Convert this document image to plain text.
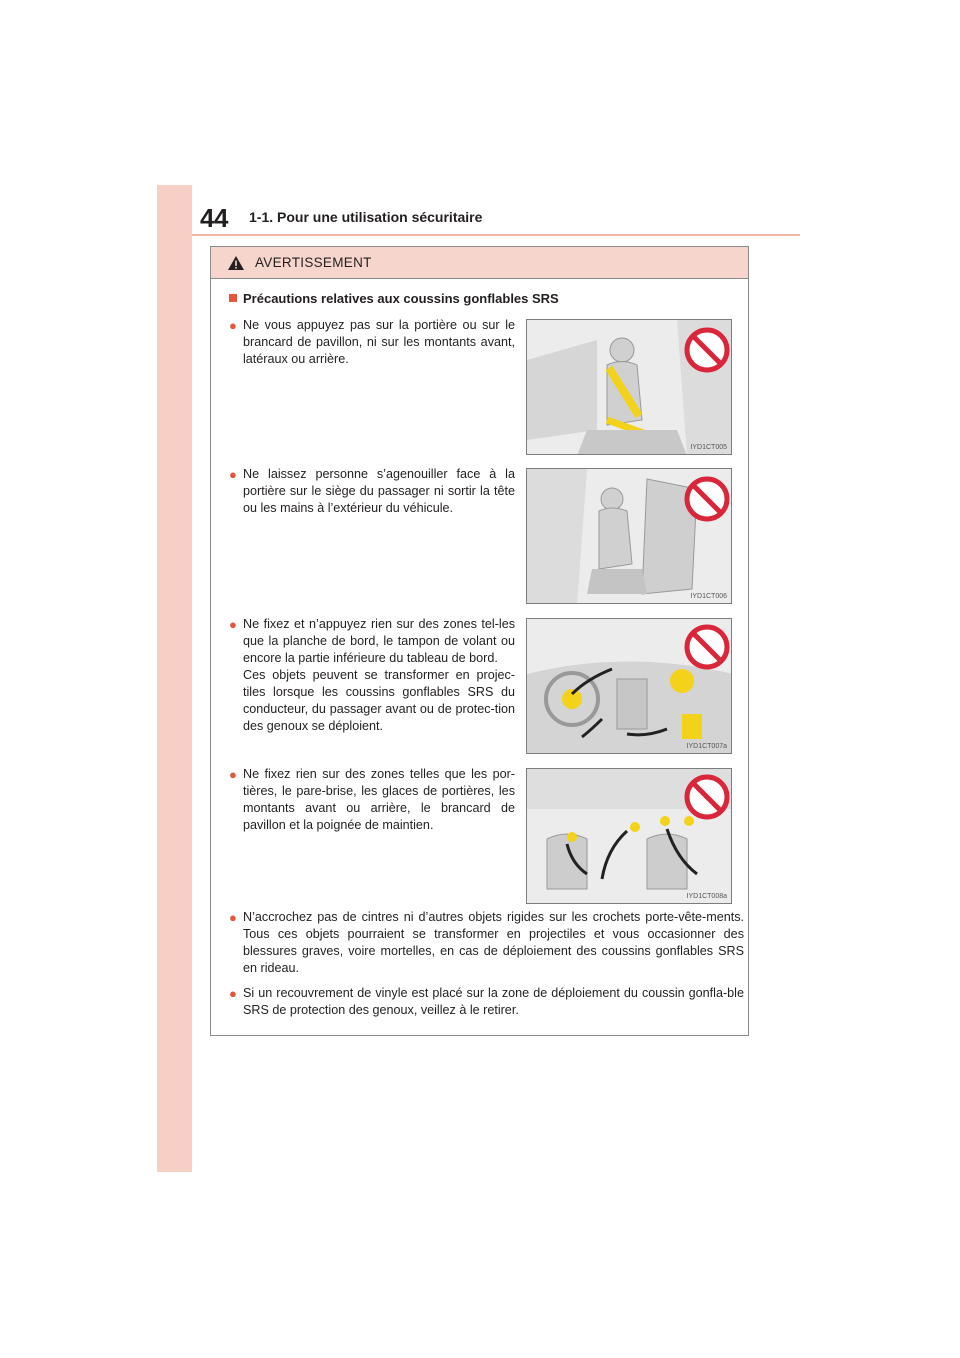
44 1-1. Pour une utilisation sécuritaire
AVERTISSEMENT
Précautions relatives aux coussins gonflables SRS
● Ne vous appuyez pas sur la portière ou sur le brancard de pavillon, ni sur les montants avant, latéraux ou arrière.
● Ne laissez personne s’agenouiller face à la portière sur le siège du passager ni sortir la tête ou les mains à l’extérieur du véhicule.
● Ne fixez et n’appuyez rien sur des zones tel-les que la planche de bord, le tampon de volant ou encore la partie inférieure du tableau de bord.
Ces objets peuvent se transformer en projec-tiles lorsque les coussins gonflables SRS du conducteur, du passager avant ou de protec-tion des genoux se déploient.
● Ne fixez rien sur des zones telles que les por-tières, le pare-brise, les glaces de portières, les montants avant ou arrière, le brancard de pavillon et la poignée de maintien.
● N’accrochez pas de cintres ni d’autres objets rigides sur les crochets porte-vête-ments. Tous ces objets pourraient se transformer en projectiles et vous occasionner des blessures graves, voire mortelles, en cas de déploiement des coussins gonflables SRS en rideau.
● Si un recouvrement de vinyle est placé sur la zone de déploiement du coussin gonfla-ble SRS de protection des genoux, veillez à le retirer.
IYD1CT005
IYD1CT006
IYD1CT007a
IYD1CT008a
